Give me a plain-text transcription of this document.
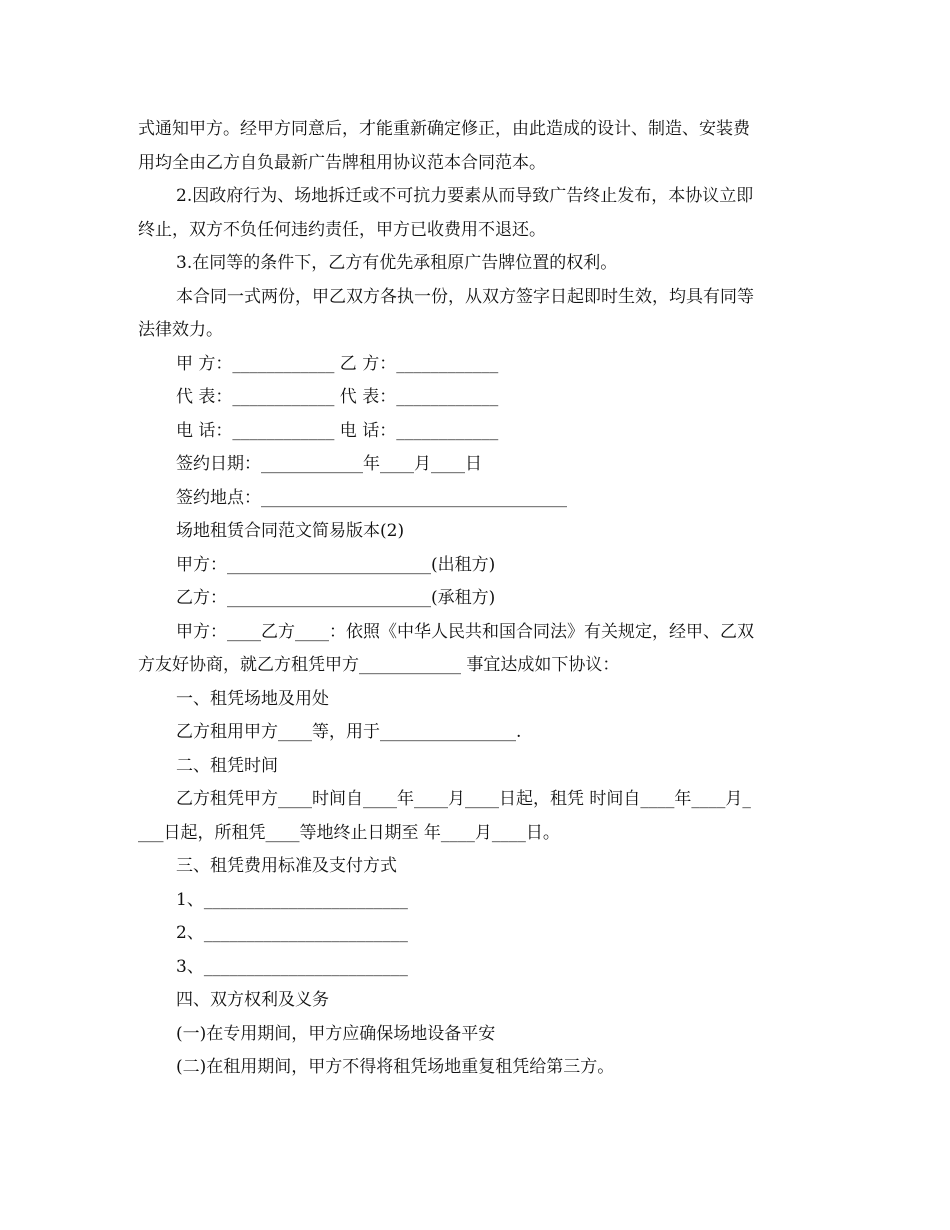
式通知甲方。经甲方同意后，才能重新确定修正，由此造成的设计、制造、安装费
用均全由乙方自负最新广告牌租用协议范本合同范本。
2.因政府行为、场地拆迁或不可抗力要素从而导致广告终止发布，本协议立即
终止，双方不负任何违约责任，甲方已收费用不退还。
3.在同等的条件下，乙方有优先承租原广告牌位置的权利。
本合同一式两份，甲乙双方各执一份，从双方签字日起即时生效，均具有同等
法律效力。
甲 方：____________ 乙 方：____________
代 表：____________ 代 表：____________
电 话：____________ 电 话：____________
签约日期：____________年____月____日
签约地点：____________________________________
场地租赁合同范文简易版本(2)
甲方：________________________(出租方)
乙方：________________________(承租方)
甲方：____乙方____：依照《中华人民共和国合同法》有关规定，经甲、乙双
方友好协商，就乙方租凭甲方____________ 事宜达成如下协议：
一、租凭场地及用处
乙方租用甲方____等，用于________________.
二、租凭时间
乙方租凭甲方____时间自____年____月____日起，租凭 时间自____年____月_
___日起，所租凭____等地终止日期至 年____月____日。
三、租凭费用标准及支付方式
1、________________________
2、________________________
3、________________________
四、双方权利及义务
(一)在专用期间，甲方应确保场地设备平安
(二)在租用期间，甲方不得将租凭场地重复租凭给第三方。
